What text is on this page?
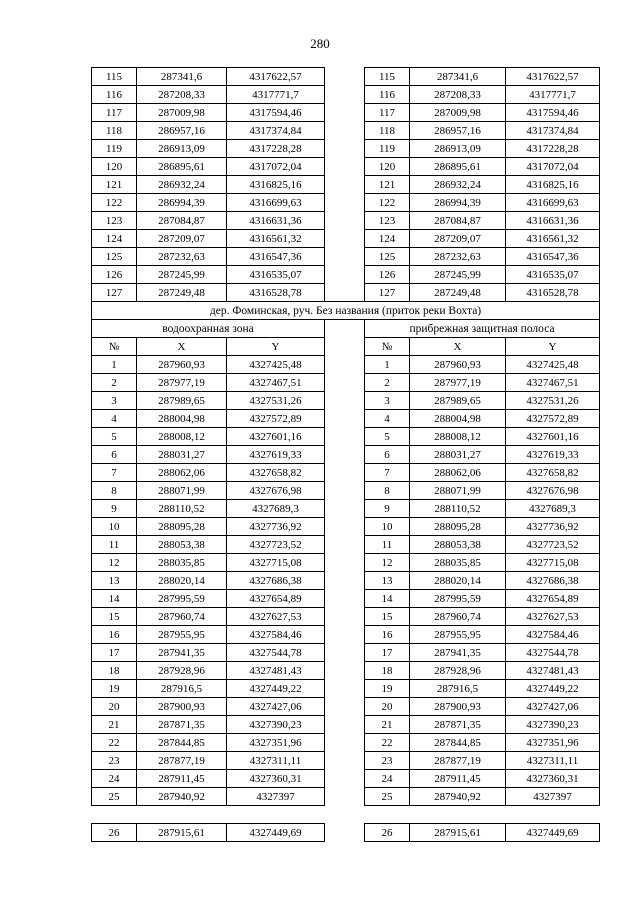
280
115	287341,6	4317622,57		115	287341,6	4317622,57
116	287208,33	4317771,7		116	287208,33	4317771,7
117	287009,98	4317594,46		117	287009,98	4317594,46
118	286957,16	4317374,84		118	286957,16	4317374,84
119	286913,09	4317228,28		119	286913,09	4317228,28
120	286895,61	4317072,04		120	286895,61	4317072,04
121	286932,24	4316825,16		121	286932,24	4316825,16
122	286994,39	4316699,63		122	286994,39	4316699,63
123	287084,87	4316631,36		123	287084,87	4316631,36
124	287209,07	4316561,32		124	287209,07	4316561,32
125	287232,63	4316547,36		125	287232,63	4316547,36
126	287245,99	4316535,07		126	287245,99	4316535,07
127	287249,48	4316528,78		127	287249,48	4316528,78
дер. Фоминская, руч. Без названия (приток реки Вохта)						
водоохранная зона				прибрежная защитная полоса		
№	X	Y		№	X	Y
1	287960,93	4327425,48		1	287960,93	4327425,48
2	287977,19	4327467,51		2	287977,19	4327467,51
3	287989,65	4327531,26		3	287989,65	4327531,26
4	288004,98	4327572,89		4	288004,98	4327572,89
5	288008,12	4327601,16		5	288008,12	4327601,16
6	288031,27	4327619,33		6	288031,27	4327619,33
7	288062,06	4327658,82		7	288062,06	4327658,82
8	288071,99	4327676,98		8	288071,99	4327676,98
9	288110,52	4327689,3		9	288110,52	4327689,3
10	288095,28	4327736,92		10	288095,28	4327736,92
11	288053,38	4327723,52		11	288053,38	4327723,52
12	288035,85	4327715,08		12	288035,85	4327715,08
13	288020,14	4327686,38		13	288020,14	4327686,38
14	287995,59	4327654,89		14	287995,59	4327654,89
15	287960,74	4327627,53		15	287960,74	4327627,53
16	287955,95	4327584,46		16	287955,95	4327584,46
17	287941,35	4327544,78		17	287941,35	4327544,78
18	287928,96	4327481,43		18	287928,96	4327481,43
19	287916,5	4327449,22		19	287916,5	4327449,22
20	287900,93	4327427,06		20	287900,93	4327427,06
21	287871,35	4327390,23		21	287871,35	4327390,23
22	287844,85	4327351,96		22	287844,85	4327351,96
23	287877,19	4327311,11		23	287877,19	4327311,11
24	287911,45	4327360,31		24	287911,45	4327360,31
25	287940,92	4327397		25	287940,92	4327397
26	287915,61	4327449,69		26	287915,61	4327449,69
